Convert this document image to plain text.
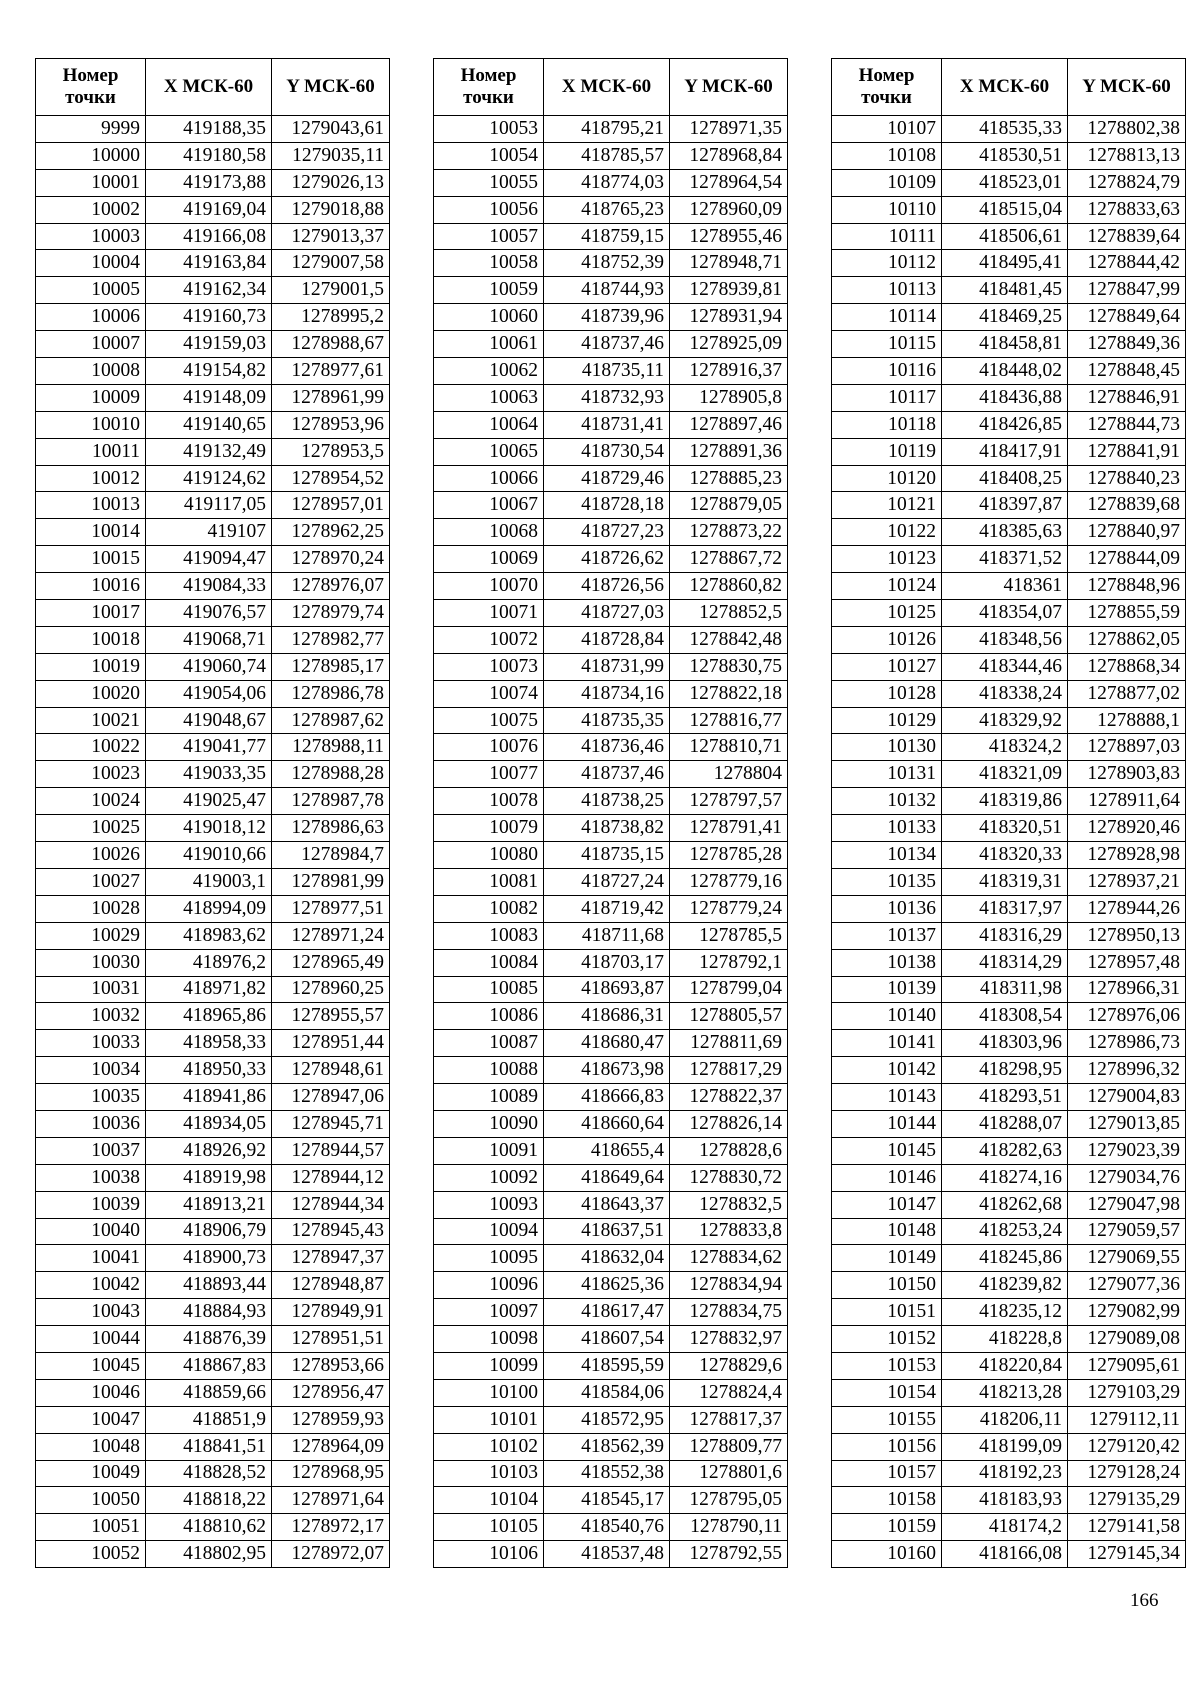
Номер точки	X МСК-60	Y МСК-60
9999	419188,35	1279043,61
10000	419180,58	1279035,11
10001	419173,88	1279026,13
10002	419169,04	1279018,88
10003	419166,08	1279013,37
10004	419163,84	1279007,58
10005	419162,34	1279001,5
10006	419160,73	1278995,2
10007	419159,03	1278988,67
10008	419154,82	1278977,61
10009	419148,09	1278961,99
10010	419140,65	1278953,96
10011	419132,49	1278953,5
10012	419124,62	1278954,52
10013	419117,05	1278957,01
10014	419107	1278962,25
10015	419094,47	1278970,24
10016	419084,33	1278976,07
10017	419076,57	1278979,74
10018	419068,71	1278982,77
10019	419060,74	1278985,17
10020	419054,06	1278986,78
10021	419048,67	1278987,62
10022	419041,77	1278988,11
10023	419033,35	1278988,28
10024	419025,47	1278987,78
10025	419018,12	1278986,63
10026	419010,66	1278984,7
10027	419003,1	1278981,99
10028	418994,09	1278977,51
10029	418983,62	1278971,24
10030	418976,2	1278965,49
10031	418971,82	1278960,25
10032	418965,86	1278955,57
10033	418958,33	1278951,44
10034	418950,33	1278948,61
10035	418941,86	1278947,06
10036	418934,05	1278945,71
10037	418926,92	1278944,57
10038	418919,98	1278944,12
10039	418913,21	1278944,34
10040	418906,79	1278945,43
10041	418900,73	1278947,37
10042	418893,44	1278948,87
10043	418884,93	1278949,91
10044	418876,39	1278951,51
10045	418867,83	1278953,66
10046	418859,66	1278956,47
10047	418851,9	1278959,93
10048	418841,51	1278964,09
10049	418828,52	1278968,95
10050	418818,22	1278971,64
10051	418810,62	1278972,17
10052	418802,95	1278972,07
Номер точки	X МСК-60	Y МСК-60
10053	418795,21	1278971,35
10054	418785,57	1278968,84
10055	418774,03	1278964,54
10056	418765,23	1278960,09
10057	418759,15	1278955,46
10058	418752,39	1278948,71
10059	418744,93	1278939,81
10060	418739,96	1278931,94
10061	418737,46	1278925,09
10062	418735,11	1278916,37
10063	418732,93	1278905,8
10064	418731,41	1278897,46
10065	418730,54	1278891,36
10066	418729,46	1278885,23
10067	418728,18	1278879,05
10068	418727,23	1278873,22
10069	418726,62	1278867,72
10070	418726,56	1278860,82
10071	418727,03	1278852,5
10072	418728,84	1278842,48
10073	418731,99	1278830,75
10074	418734,16	1278822,18
10075	418735,35	1278816,77
10076	418736,46	1278810,71
10077	418737,46	1278804
10078	418738,25	1278797,57
10079	418738,82	1278791,41
10080	418735,15	1278785,28
10081	418727,24	1278779,16
10082	418719,42	1278779,24
10083	418711,68	1278785,5
10084	418703,17	1278792,1
10085	418693,87	1278799,04
10086	418686,31	1278805,57
10087	418680,47	1278811,69
10088	418673,98	1278817,29
10089	418666,83	1278822,37
10090	418660,64	1278826,14
10091	418655,4	1278828,6
10092	418649,64	1278830,72
10093	418643,37	1278832,5
10094	418637,51	1278833,8
10095	418632,04	1278834,62
10096	418625,36	1278834,94
10097	418617,47	1278834,75
10098	418607,54	1278832,97
10099	418595,59	1278829,6
10100	418584,06	1278824,4
10101	418572,95	1278817,37
10102	418562,39	1278809,77
10103	418552,38	1278801,6
10104	418545,17	1278795,05
10105	418540,76	1278790,11
10106	418537,48	1278792,55
Номер точки	X МСК-60	Y МСК-60
10107	418535,33	1278802,38
10108	418530,51	1278813,13
10109	418523,01	1278824,79
10110	418515,04	1278833,63
10111	418506,61	1278839,64
10112	418495,41	1278844,42
10113	418481,45	1278847,99
10114	418469,25	1278849,64
10115	418458,81	1278849,36
10116	418448,02	1278848,45
10117	418436,88	1278846,91
10118	418426,85	1278844,73
10119	418417,91	1278841,91
10120	418408,25	1278840,23
10121	418397,87	1278839,68
10122	418385,63	1278840,97
10123	418371,52	1278844,09
10124	418361	1278848,96
10125	418354,07	1278855,59
10126	418348,56	1278862,05
10127	418344,46	1278868,34
10128	418338,24	1278877,02
10129	418329,92	1278888,1
10130	418324,2	1278897,03
10131	418321,09	1278903,83
10132	418319,86	1278911,64
10133	418320,51	1278920,46
10134	418320,33	1278928,98
10135	418319,31	1278937,21
10136	418317,97	1278944,26
10137	418316,29	1278950,13
10138	418314,29	1278957,48
10139	418311,98	1278966,31
10140	418308,54	1278976,06
10141	418303,96	1278986,73
10142	418298,95	1278996,32
10143	418293,51	1279004,83
10144	418288,07	1279013,85
10145	418282,63	1279023,39
10146	418274,16	1279034,76
10147	418262,68	1279047,98
10148	418253,24	1279059,57
10149	418245,86	1279069,55
10150	418239,82	1279077,36
10151	418235,12	1279082,99
10152	418228,8	1279089,08
10153	418220,84	1279095,61
10154	418213,28	1279103,29
10155	418206,11	1279112,11
10156	418199,09	1279120,42
10157	418192,23	1279128,24
10158	418183,93	1279135,29
10159	418174,2	1279141,58
10160	418166,08	1279145,34
166
